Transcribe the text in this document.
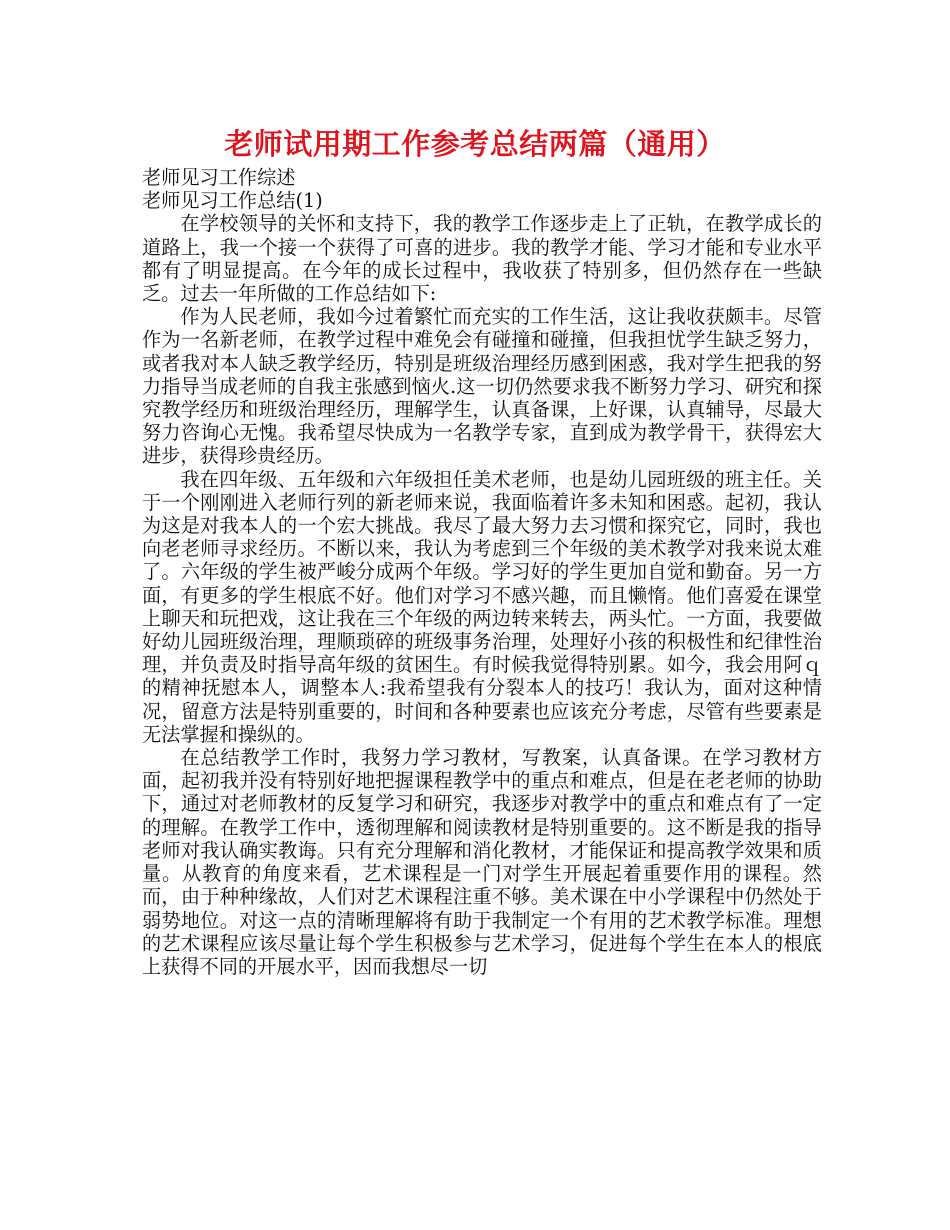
老师试用期工作参考总结两篇（通用）

老师见习工作综述

老师见习工作总结(1)

在学校领导的关怀和支持下，我的教学工作逐步走上了正轨，在教学成长的道路上，我一个接一个获得了可喜的进步。我的教学才能、学习才能和专业水平都有了明显提高。在今年的成长过程中，我收获了特别多，但仍然存在一些缺乏。过去一年所做的工作总结如下:

作为人民老师，我如今过着繁忙而充实的工作生活，这让我收获颇丰。尽管作为一名新老师，在教学过程中难免会有碰撞和碰撞，但我担忧学生缺乏努力，或者我对本人缺乏教学经历，特别是班级治理经历感到困惑，我对学生把我的努力指导当成老师的自我主张感到恼火.这一切仍然要求我不断努力学习、研究和探究教学经历和班级治理经历，理解学生，认真备课，上好课，认真辅导，尽最大努力咨询心无愧。我希望尽快成为一名教学专家，直到成为教学骨干，获得宏大进步，获得珍贵经历。

我在四年级、五年级和六年级担任美术老师，也是幼儿园班级的班主任。关于一个刚刚进入老师行列的新老师来说，我面临着许多未知和困惑。起初，我认为这是对我本人的一个宏大挑战。我尽了最大努力去习惯和探究它，同时，我也向老老师寻求经历。不断以来，我认为考虑到三个年级的美术教学对我来说太难了。六年级的学生被严峻分成两个年级。学习好的学生更加自觉和勤奋。另一方面，有更多的学生根底不好。他们对学习不感兴趣，而且懒惰。他们喜爱在课堂上聊天和玩把戏，这让我在三个年级的两边转来转去，两头忙。一方面，我要做好幼儿园班级治理，理顺琐碎的班级事务治理，处理好小孩的积极性和纪律性治理，并负责及时指导高年级的贫困生。有时候我觉得特别累。如今，我会用阿ｑ的精神抚慰本人，调整本人:我希望我有分裂本人的技巧！我认为，面对这种情况，留意方法是特别重要的，时间和各种要素也应该充分考虑，尽管有些要素是无法掌握和操纵的。

在总结教学工作时，我努力学习教材，写教案，认真备课。在学习教材方面，起初我并没有特别好地把握课程教学中的重点和难点，但是在老老师的协助下，通过对老师教材的反复学习和研究，我逐步对教学中的重点和难点有了一定的理解。在教学工作中，透彻理解和阅读教材是特别重要的。这不断是我的指导老师对我认确实教诲。只有充分理解和消化教材，才能保证和提高教学效果和质量。从教育的角度来看，艺术课程是一门对学生开展起着重要作用的课程。然而，由于种种缘故，人们对艺术课程注重不够。美术课在中小学课程中仍然处于弱势地位。对这一点的清晰理解将有助于我制定一个有用的艺术教学标准。理想的艺术课程应该尽量让每个学生积极参与艺术学习，促进每个学生在本人的根底上获得不同的开展水平，因而我想尽一切
